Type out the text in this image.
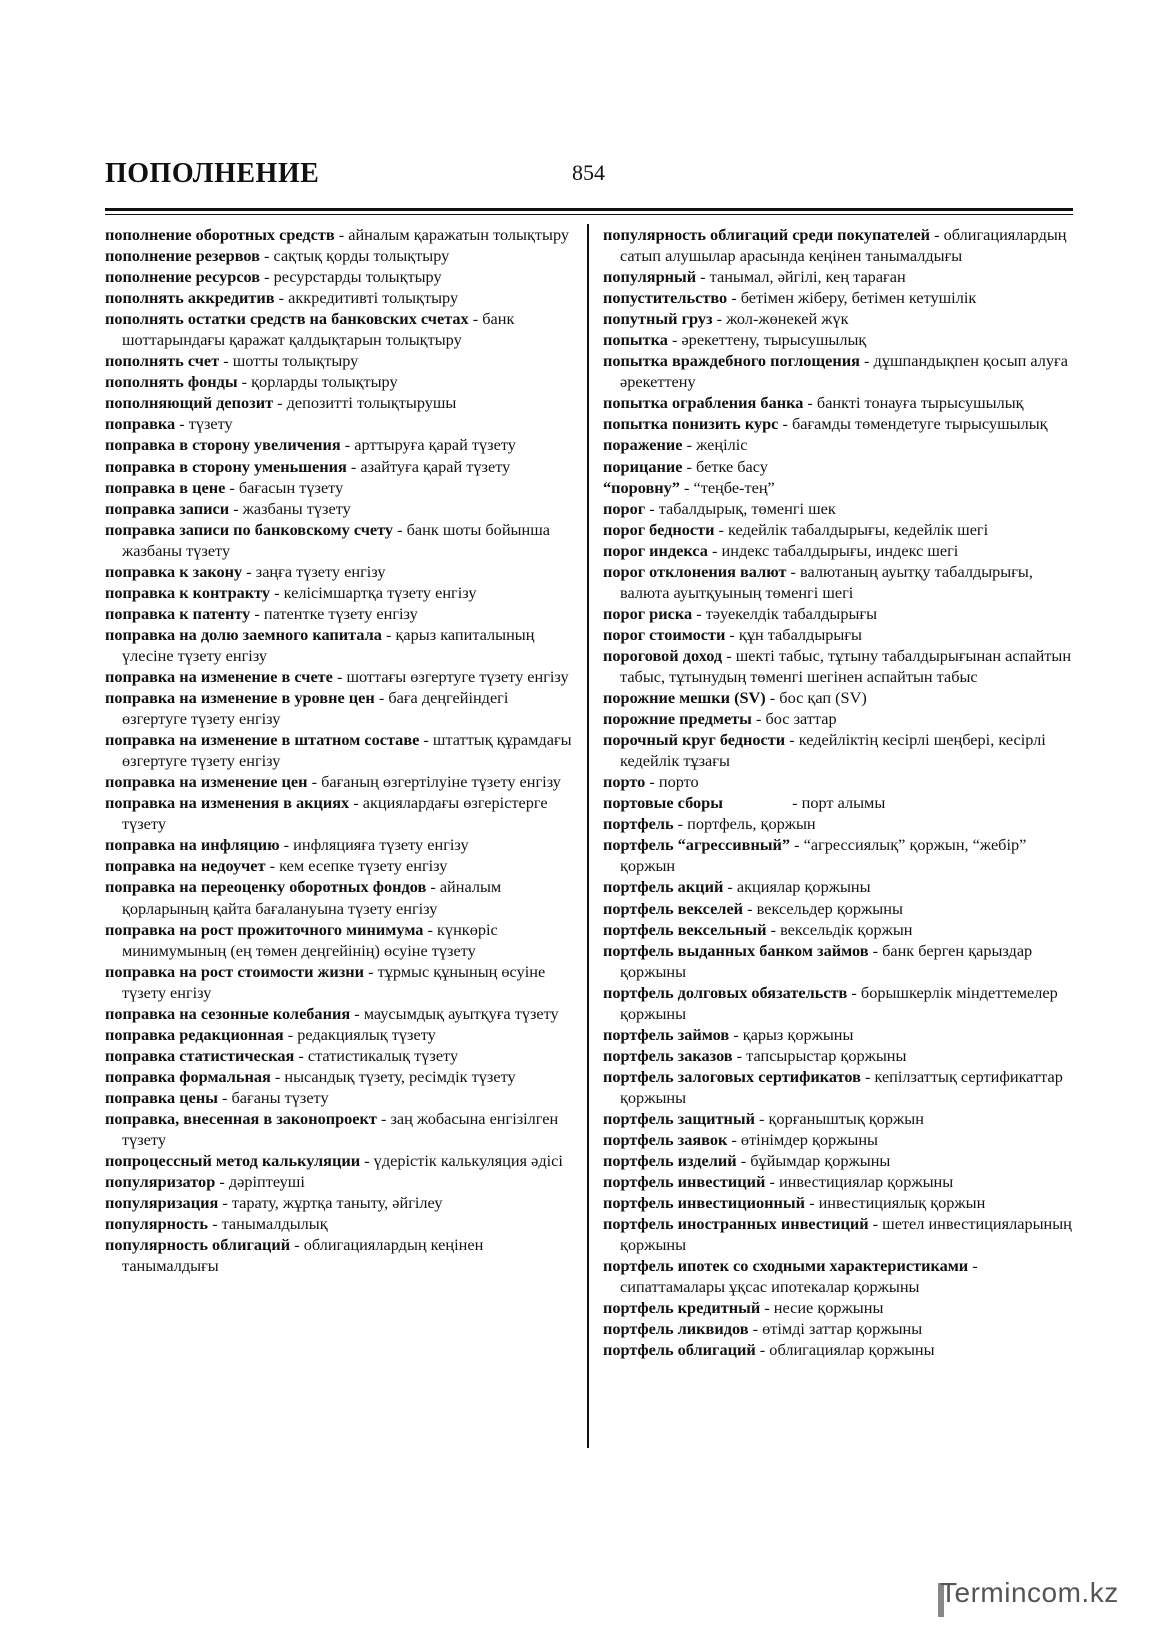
ПОПОЛНЕНИЕ	854
пополнение оборотных средств - айналым қаражатын толықтыру
пополнение резервов - сақтық қорды толықтыру
пополнение ресурсов - ресурстарды толықтыру
пополнять аккредитив - аккредитивті толықтыру
пополнять остатки средств на банковских счетах - банк шоттарындағы қаражат қалдықтарын толықтыру
пополнять счет - шотты толықтыру
пополнять фонды - қорларды толықтыру
пополняющий депозит - депозитті толықтырушы
поправка - түзету
поправка в сторону увеличения - арттыруға қарай түзету
поправка в сторону уменьшения - азайтуға қарай түзету
поправка в цене - бағасын түзету
поправка записи - жазбаны түзету
поправка записи по банковскому счету - банк шоты бойынша жазбаны түзету
поправка к закону - заңға түзету енгізу
поправка к контракту - келісімшартқа түзету енгізу
поправка к патенту - патентке түзету енгізу
поправка на долю заемного капитала - қарыз капиталының үлесіне түзету енгізу
поправка на изменение в счете - шоттағы өзгертуге түзету енгізу
поправка на изменение в уровне цен - баға деңгейіндегі өзгертуге түзету енгізу
поправка на изменение в штатном составе - штаттық құрамдағы өзгертуге түзету енгізу
поправка на изменение цен - бағаның өзгертілуіне түзету енгізу
поправка на изменения в акциях - акциялардағы өзгерістерге түзету
поправка на инфляцию - инфляцияға түзету енгізу
поправка на недоучет - кем есепке түзету енгізу
поправка на переоценку оборотных фондов - айналым қорларының қайта бағалануына түзету енгізу
поправка на рост прожиточного минимума - күнкөріс минимумының (ең төмен деңгейінің) өсуіне түзету
поправка на рост стоимости жизни - тұрмыс құнының өсуіне түзету енгізу
поправка на сезонные колебания - маусымдық ауытқуға түзету
поправка редакционная - редакциялық түзету
поправка статистическая - статистикалық түзету
поправка формальная - нысандық түзету, ресімдік түзету
поправка цены - бағаны түзету
поправка, внесенная в законопроект - заң жобасына енгізілген түзету
попроцессный метод калькуляции - үдерістік калькуляция әдісі
популяризатор - дәріптеуші
популяризация - тарату, жұртқа таныту, әйгілеу
популярность - танымалдылық
популярность облигаций - облигациялардың кеңінен танымалдығы
популярность облигаций среди покупателей - облигациялардың сатып алушылар арасында кеңінен танымалдығы
популярный - танымал, әйгілі, кең тараған
попустительство - бетімен жіберу, бетімен кетушілік
попутный груз - жол-жөнекей жүк
попытка - әрекеттену, тырысушылық
попытка враждебного поглощения - дұшпандықпен қосып алуға әрекеттену
попытка ограбления банка - банкті тонауға тырысушылық
попытка понизить курс - бағамды төмендетуге тырысушылық
поражение - жеңіліс
порицание - бетке басу
“поровну” - “теңбе-тең”
порог - табалдырық, төменгі шек
порог бедности - кедейлік табалдырығы, кедейлік шегі
порог индекса - индекс табалдырығы, индекс шегі
порог отклонения валют - валютаның ауытқу табалдырығы, валюта ауытқуының төменгі шегі
порог риска - тәуекелдік табалдырығы
порог стоимости - құн табалдырығы
пороговой доход - шекті табыс, тұтыну табалдырығынан аспайтын табыс, тұтынудың төменгі шегінен аспайтын табыс
порожние мешки (SV) - бос қап (SV)
порожние предметы - бос заттар
порочный круг бедности - кедейліктің кесірлі шеңбері, кесірлі кедейлік тұзағы
порто - порто
портовые сборы                 - порт алымы
портфель - портфель, қоржын
портфель “агрессивный” - “агрессиялық” қоржын, “жебір” қоржын
портфель акций - акциялар қоржыны
портфель векселей - вексельдер қоржыны
портфель вексельный - вексельдік қоржын
портфель выданных банком займов - банк берген қарыздар қоржыны
портфель долговых обязательств - борышкерлік міндеттемелер қоржыны
портфель займов - қарыз қоржыны
портфель заказов - тапсырыстар қоржыны
портфель залоговых сертификатов - кепілзаттық сертификаттар қоржыны
портфель защитный - қорғаныштық қоржын
портфель заявок - өтінімдер қоржыны
портфель изделий - бұйымдар қоржыны
портфель инвестиций - инвестициялар қоржыны
портфель инвестиционный - инвестициялық қоржын
портфель иностранных инвестиций - шетел инвестицияларының қоржыны
портфель ипотек со сходными характеристиками - сипаттамалары ұқсас ипотекалар қоржыны
портфель кредитный - несие қоржыны
портфель ликвидов - өтімді заттар қоржыны
портфель облигаций - облигациялар қоржыны
Termincom.kz
